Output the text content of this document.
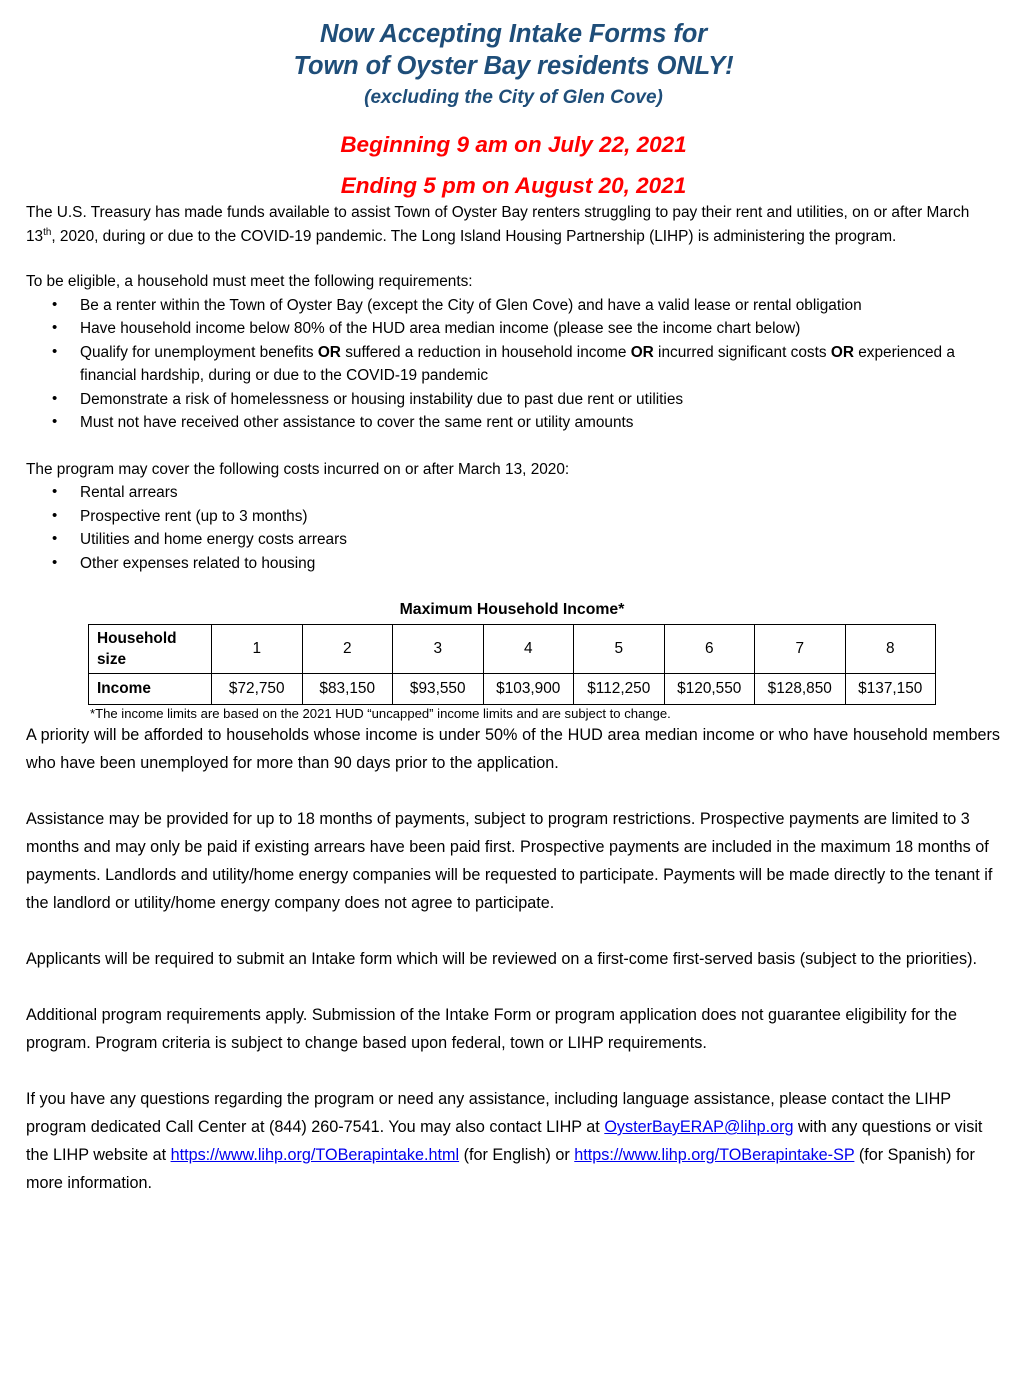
Now Accepting Intake Forms for
Town of Oyster Bay residents ONLY!
(excluding the City of Glen Cove)
Beginning 9 am on July 22, 2021
Ending 5 pm on August 20, 2021

The U.S. Treasury has made funds available to assist Town of Oyster Bay renters struggling to pay their rent and utilities, on or after March 13th, 2020, during or due to the COVID-19 pandemic. The Long Island Housing Partnership (LIHP) is administering the program.

To be eligible, a household must meet the following requirements:

• Be a renter within the Town of Oyster Bay (except the City of Glen Cove) and have a valid lease or rental obligation
• Have household income below 80% of the HUD area median income (please see the income chart below)
• Qualify for unemployment benefits OR suffered a reduction in household income OR incurred significant costs OR experienced a financial hardship, during or due to the COVID-19 pandemic
• Demonstrate a risk of homelessness or housing instability due to past due rent or utilities
• Must not have received other assistance to cover the same rent or utility amounts

The program may cover the following costs incurred on or after March 13, 2020:

• Rental arrears
• Prospective rent (up to 3 months)
• Utilities and home energy costs arrears
• Other expenses related to housing
Maximum Household Income*
Household
size	1	2	3	4	5	6	7	8
Income	$72,750	$83,150	$93,550	$103,900	$112,250	$120,550	$128,850	$137,150
*The income limits are based on the 2021 HUD “uncapped” income limits and are subject to change.

A priority will be afforded to households whose income is under 50% of the HUD area median income or who have household members who have been unemployed for more than 90 days prior to the application.

Assistance may be provided for up to 18 months of payments, subject to program restrictions. Prospective payments are limited to 3 months and may only be paid if existing arrears have been paid first. Prospective payments are included in the maximum 18 months of payments. Landlords and utility/home energy companies will be requested to participate. Payments will be made directly to the tenant if the landlord or utility/home energy company does not agree to participate.

Applicants will be required to submit an Intake form which will be reviewed on a first-come first-served basis (subject to the priorities).

Additional program requirements apply. Submission of the Intake Form or program application does not guarantee eligibility for the program. Program criteria is subject to change based upon federal, town or LIHP requirements.

If you have any questions regarding the program or need any assistance, including language assistance, please contact the LIHP program dedicated Call Center at (844) 260-7541. You may also contact LIHP at OysterBayERAP@lihp.org with any questions or visit the LIHP website at https://www.lihp.org/TOBerapintake.html (for English) or https://www.lihp.org/TOBerapintake-SP (for Spanish) for more information.
